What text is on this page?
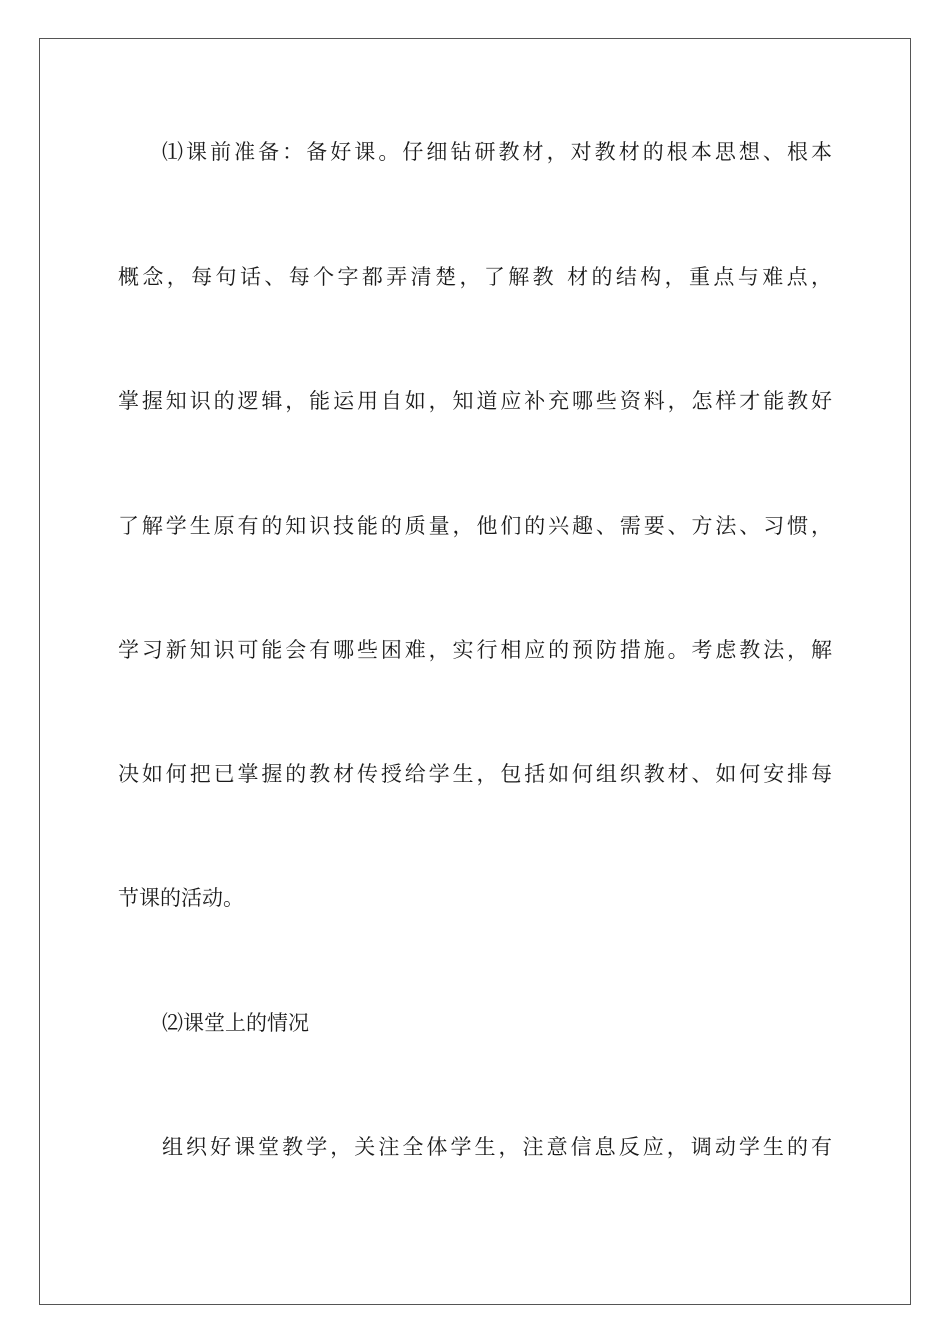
⑴课前准备：备好课。仔细钻研教材，对教材的根本思想、根本
概念，每句话、每个字都弄清楚，了解教 材的结构，重点与难点，
掌握知识的逻辑，能运用自如，知道应补充哪些资料，怎样才能教好
了解学生原有的知识技能的质量，他们的兴趣、需要、方法、习惯，
学习新知识可能会有哪些困难，实行相应的预防措施。考虑教法，解
决如何把已掌握的教材传授给学生，包括如何组织教材、如何安排每
节课的活动。
⑵课堂上的情况
组织好课堂教学，关注全体学生，注意信息反应，调动学生的有
